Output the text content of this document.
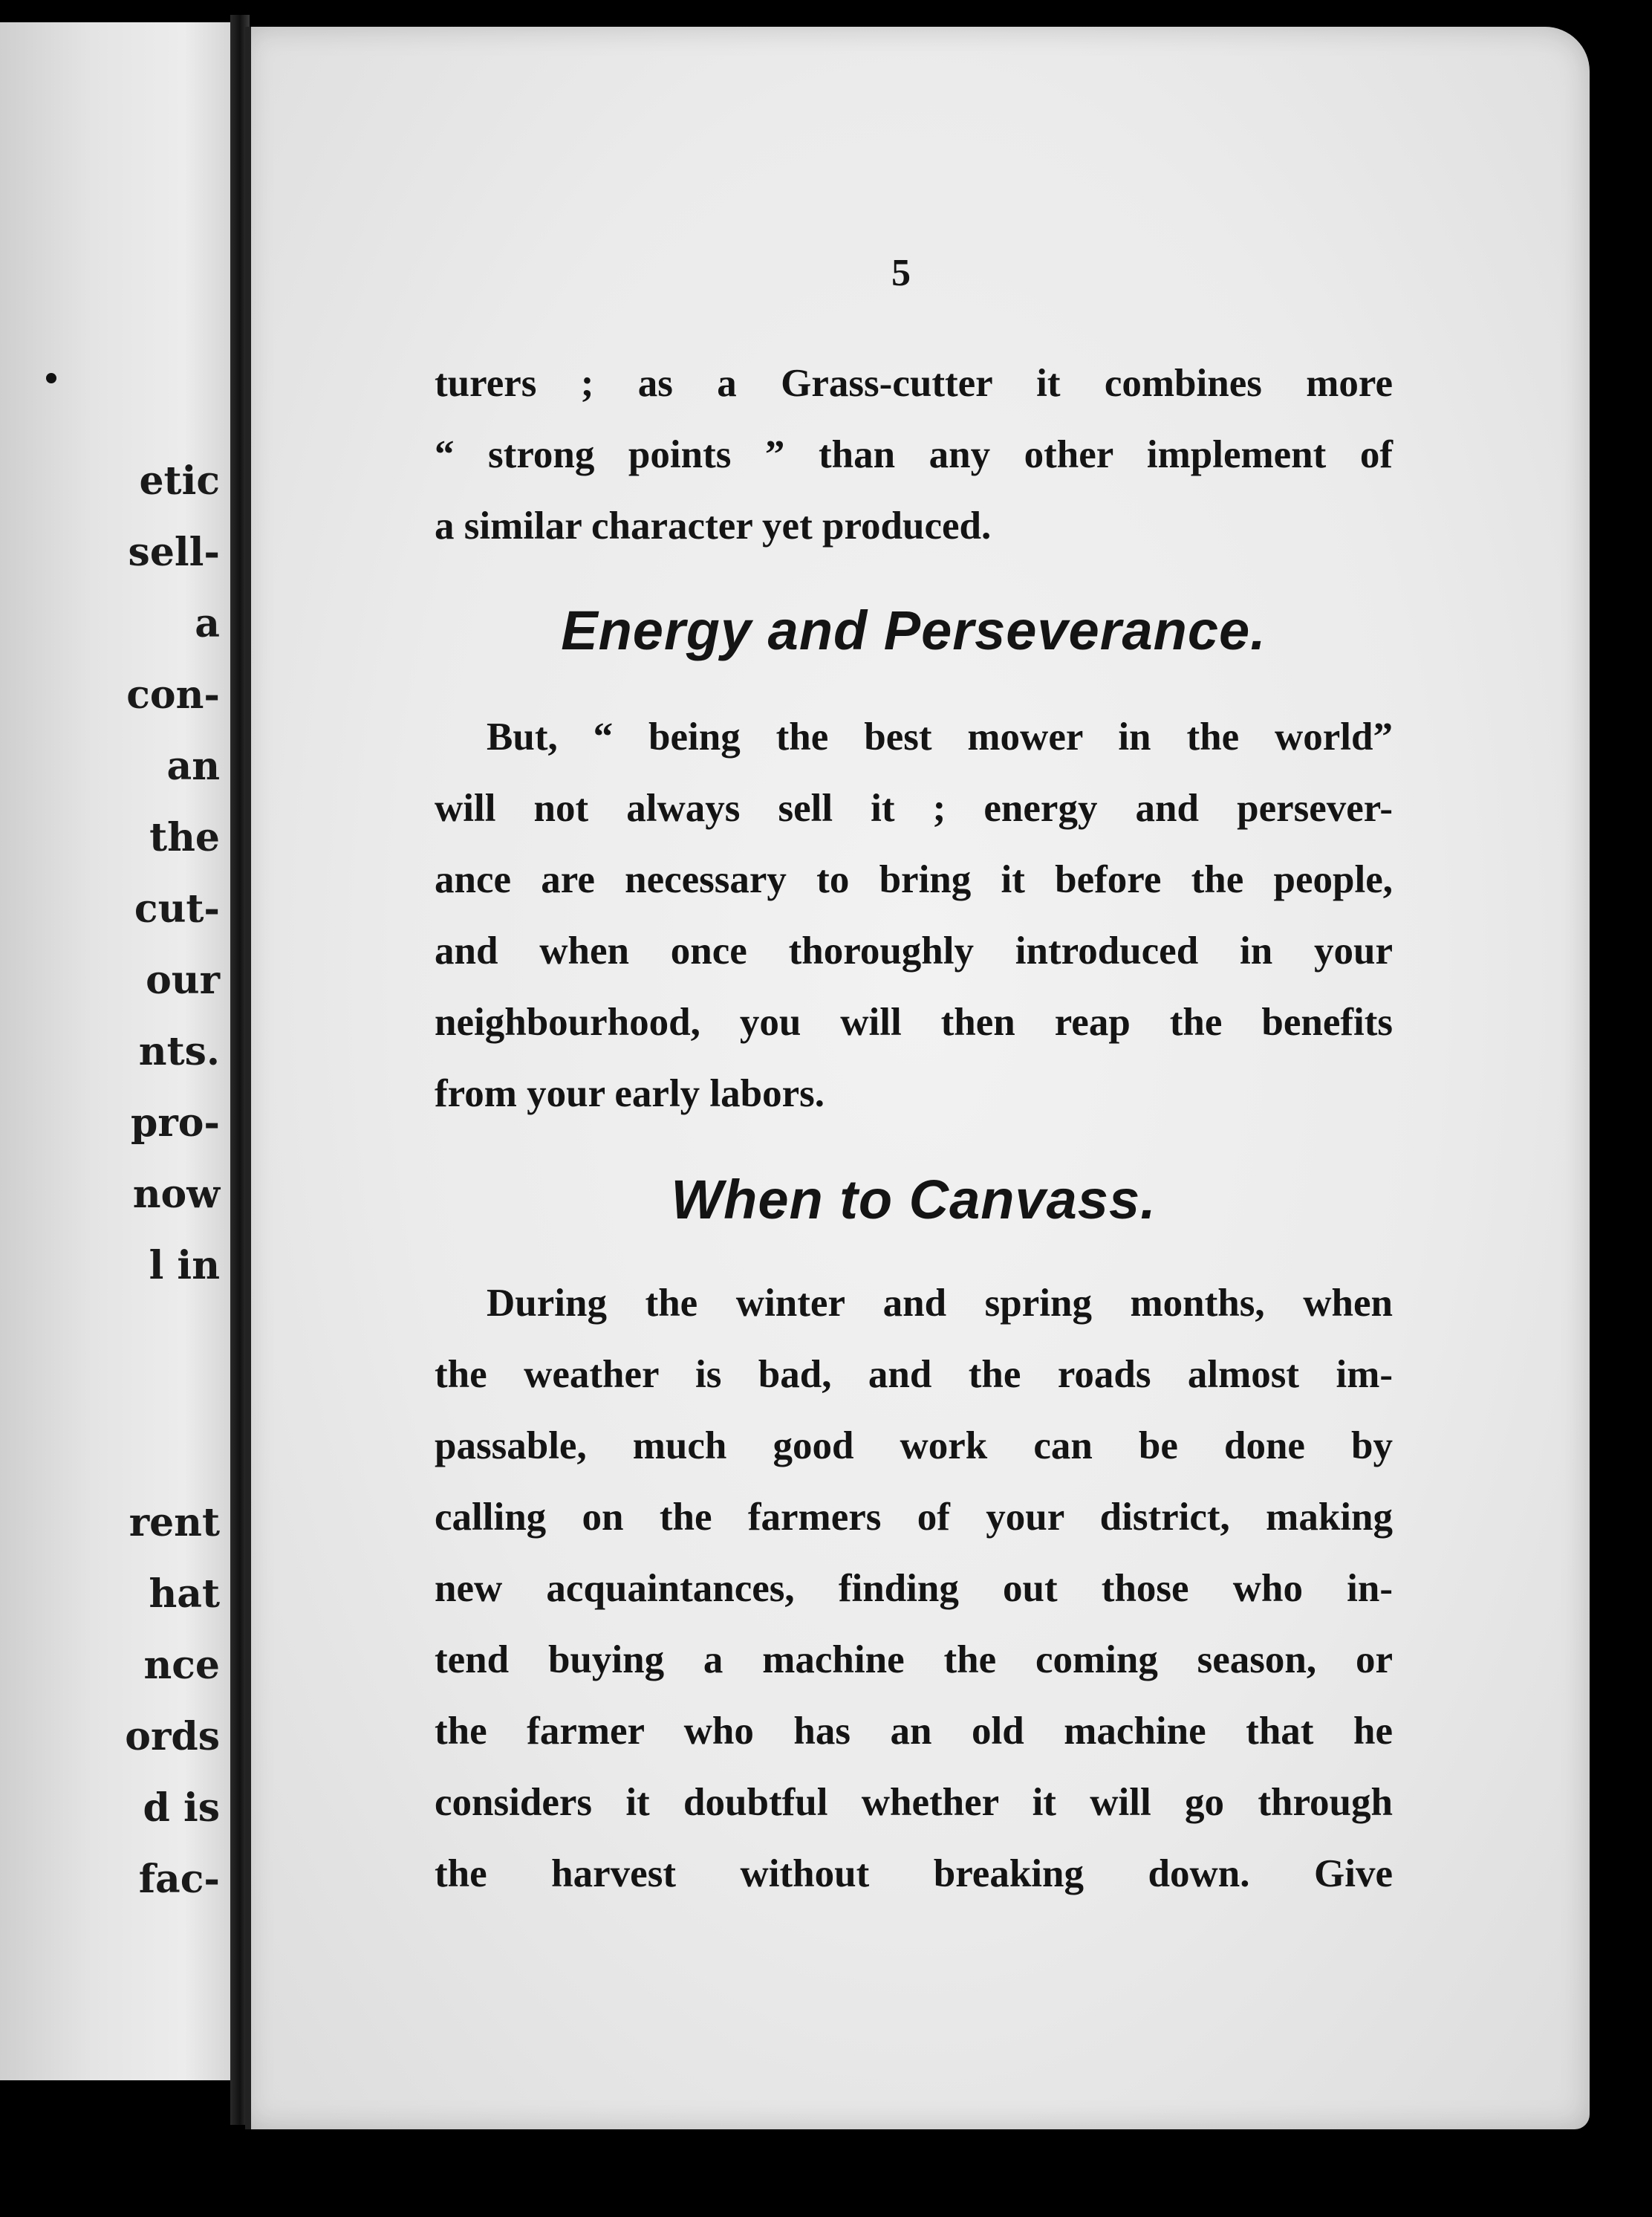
etic
sell-
a
con-
an
the
cut-
our
nts.
pro-
now
l in
rent
hat
nce
ords
d is
fac-
5
turers ; as a Grass-cutter it combines more
“ strong points ” than any other implement of
a similar character yet produced.
Energy and Perseverance.
But, “ being the best mower in the world”
will not always sell it ; energy and persever-
ance are necessary to bring it before the people,
and when once thoroughly introduced in your
neighbourhood, you will then reap the benefits
from your early labors.
When to Canvass.
During the winter and spring months, when
the weather is bad, and the roads almost im-
passable, much good work can be done by
calling on the farmers of your district, making
new acquaintances, finding out those who in-
tend buying a machine the coming season, or
the farmer who has an old machine that he
considers it doubtful whether it will go through
the harvest without breaking down. Give
